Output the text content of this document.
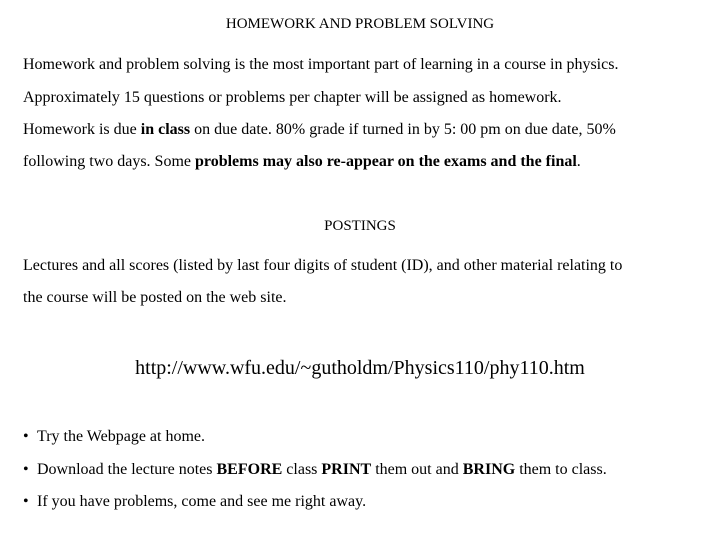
HOMEWORK AND PROBLEM SOLVING
Homework and problem solving is the most important part of learning in a course in physics.
Approximately 15 questions or problems per chapter will be assigned as homework.
Homework is due in class on due date. 80% grade if turned in by 5: 00 pm on due date, 50%
following two days. Some problems may also re-appear on the exams and the final.
POSTINGS
Lectures and all scores (listed by last four digits of student (ID), and other material relating to
the course will be posted on the web site.
http://www.wfu.edu/~gutholdm/Physics110/phy110.htm
• Try the Webpage at home.
• Download the lecture notes BEFORE class PRINT them out and BRING them to class.
• If you have problems, come and see me right away.
